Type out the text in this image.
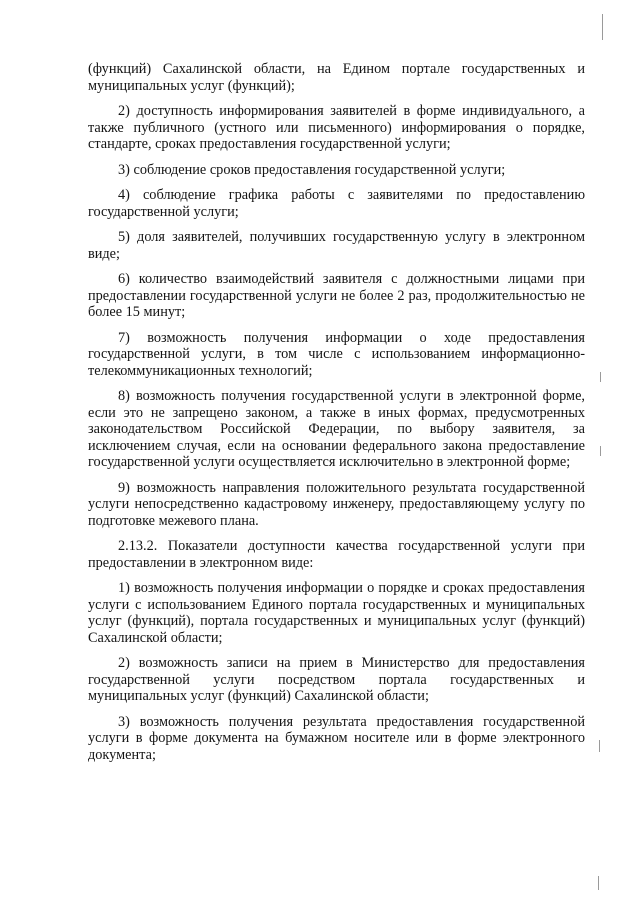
(функций) Сахалинской области, на Едином портале государственных и муниципальных услуг (функций);

2) доступность информирования заявителей в форме индивидуального, а также публичного (устного или письменного) информирования о порядке, стандарте, сроках предоставления государственной услуги;

3) соблюдение сроков предоставления государственной услуги;

4) соблюдение графика работы с заявителями по предоставлению государственной услуги;

5) доля заявителей, получивших государственную услугу в электронном виде;

6) количество взаимодействий заявителя с должностными лицами при предоставлении государственной услуги не более 2 раз, продолжительностью не более 15 минут;

7) возможность получения информации о ходе предоставления государственной услуги, в том числе с использованием информационно-телекоммуникационных технологий;

8) возможность получения государственной услуги в электронной форме, если это не запрещено законом, а также в иных формах, предусмотренных законодательством Российской Федерации, по выбору заявителя, за исключением случая, если на основании федерального закона предоставление государственной услуги осуществляется исключительно в электронной форме;

9) возможность направления положительного результата государственной услуги непосредственно кадастровому инженеру, предоставляющему услугу по подготовке межевого плана.

2.13.2. Показатели доступности качества государственной услуги при предоставлении в электронном виде:

1) возможность получения информации о порядке и сроках предоставления услуги с использованием Единого портала государственных и муниципальных услуг (функций), портала государственных и муниципальных услуг (функций) Сахалинской области;

2) возможность записи на прием в Министерство для предоставления государственной услуги посредством портала государственных и муниципальных услуг (функций) Сахалинской области;

3) возможность получения результата предоставления государственной услуги в форме документа на бумажном носителе или в форме электронного документа;
